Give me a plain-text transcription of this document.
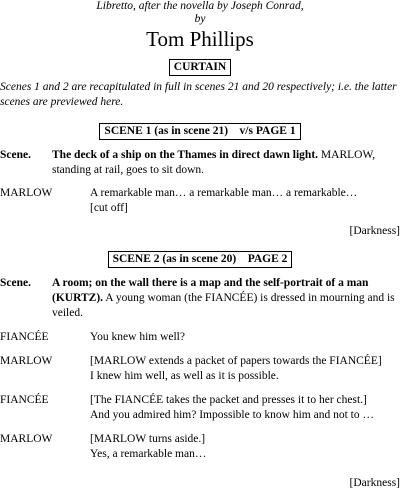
Libretto, after the novella by Joseph Conrad,

by

Tom Phillips

CURTAIN

Scenes 1 and 2 are recapitulated in full in scenes 21 and 20 respectively; i.e. the latter

scenes are previewed here.

SCENE 1 (as in scene 21)    v/s PAGE 1

Scene.	The deck of a ship on the Thames in direct dawn light. MARLOW,

standing at rail, goes to sit down.

MARLOW	A remarkable man… a remarkable man… a remarkable…

[cut off]

[Darkness]

SCENE 2 (as in scene 20)    PAGE 2

Scene.	A room; on the wall there is a map and the self-portrait of a man

(KURTZ). A young woman (the FIANCÉE) is dressed in mourning and is

veiled.

FIANCÉE	You knew him well?

MARLOW	[MARLOW extends a packet of papers towards the FIANCÉE]

I knew him well, as well as it is possible.

FIANCÉE	[The FIANCÉE takes the packet and presses it to her chest.]

And you admired him? Impossible to know him and not to …

MARLOW	[MARLOW turns aside.]

Yes, a remarkable man…

[Darkness]
